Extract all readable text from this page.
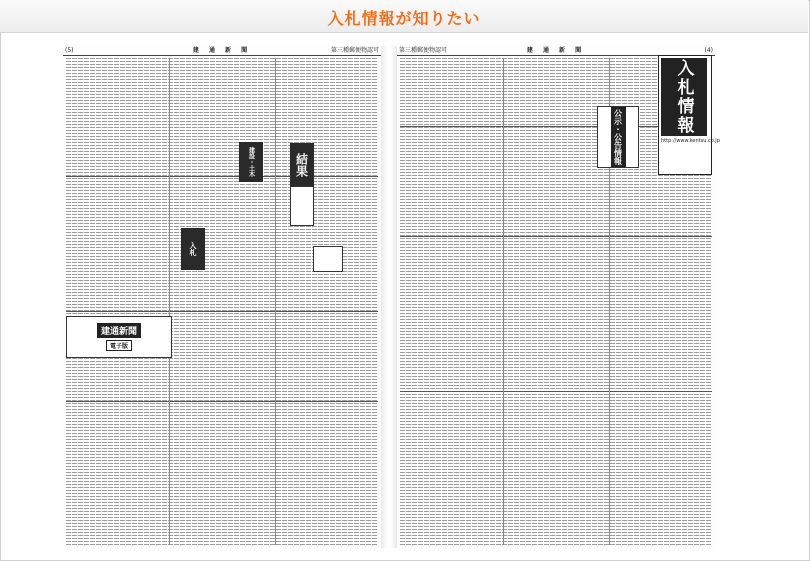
入札情報が知りたい
(5)	建 通 新 聞	第三種郵便物認可
結果
建設・土木
入札
建通新聞
電子版
第三種郵便物認可	建 通 新 聞	(4)
公示・公告情報
入札情報
http://www.kentsu.co.jp
